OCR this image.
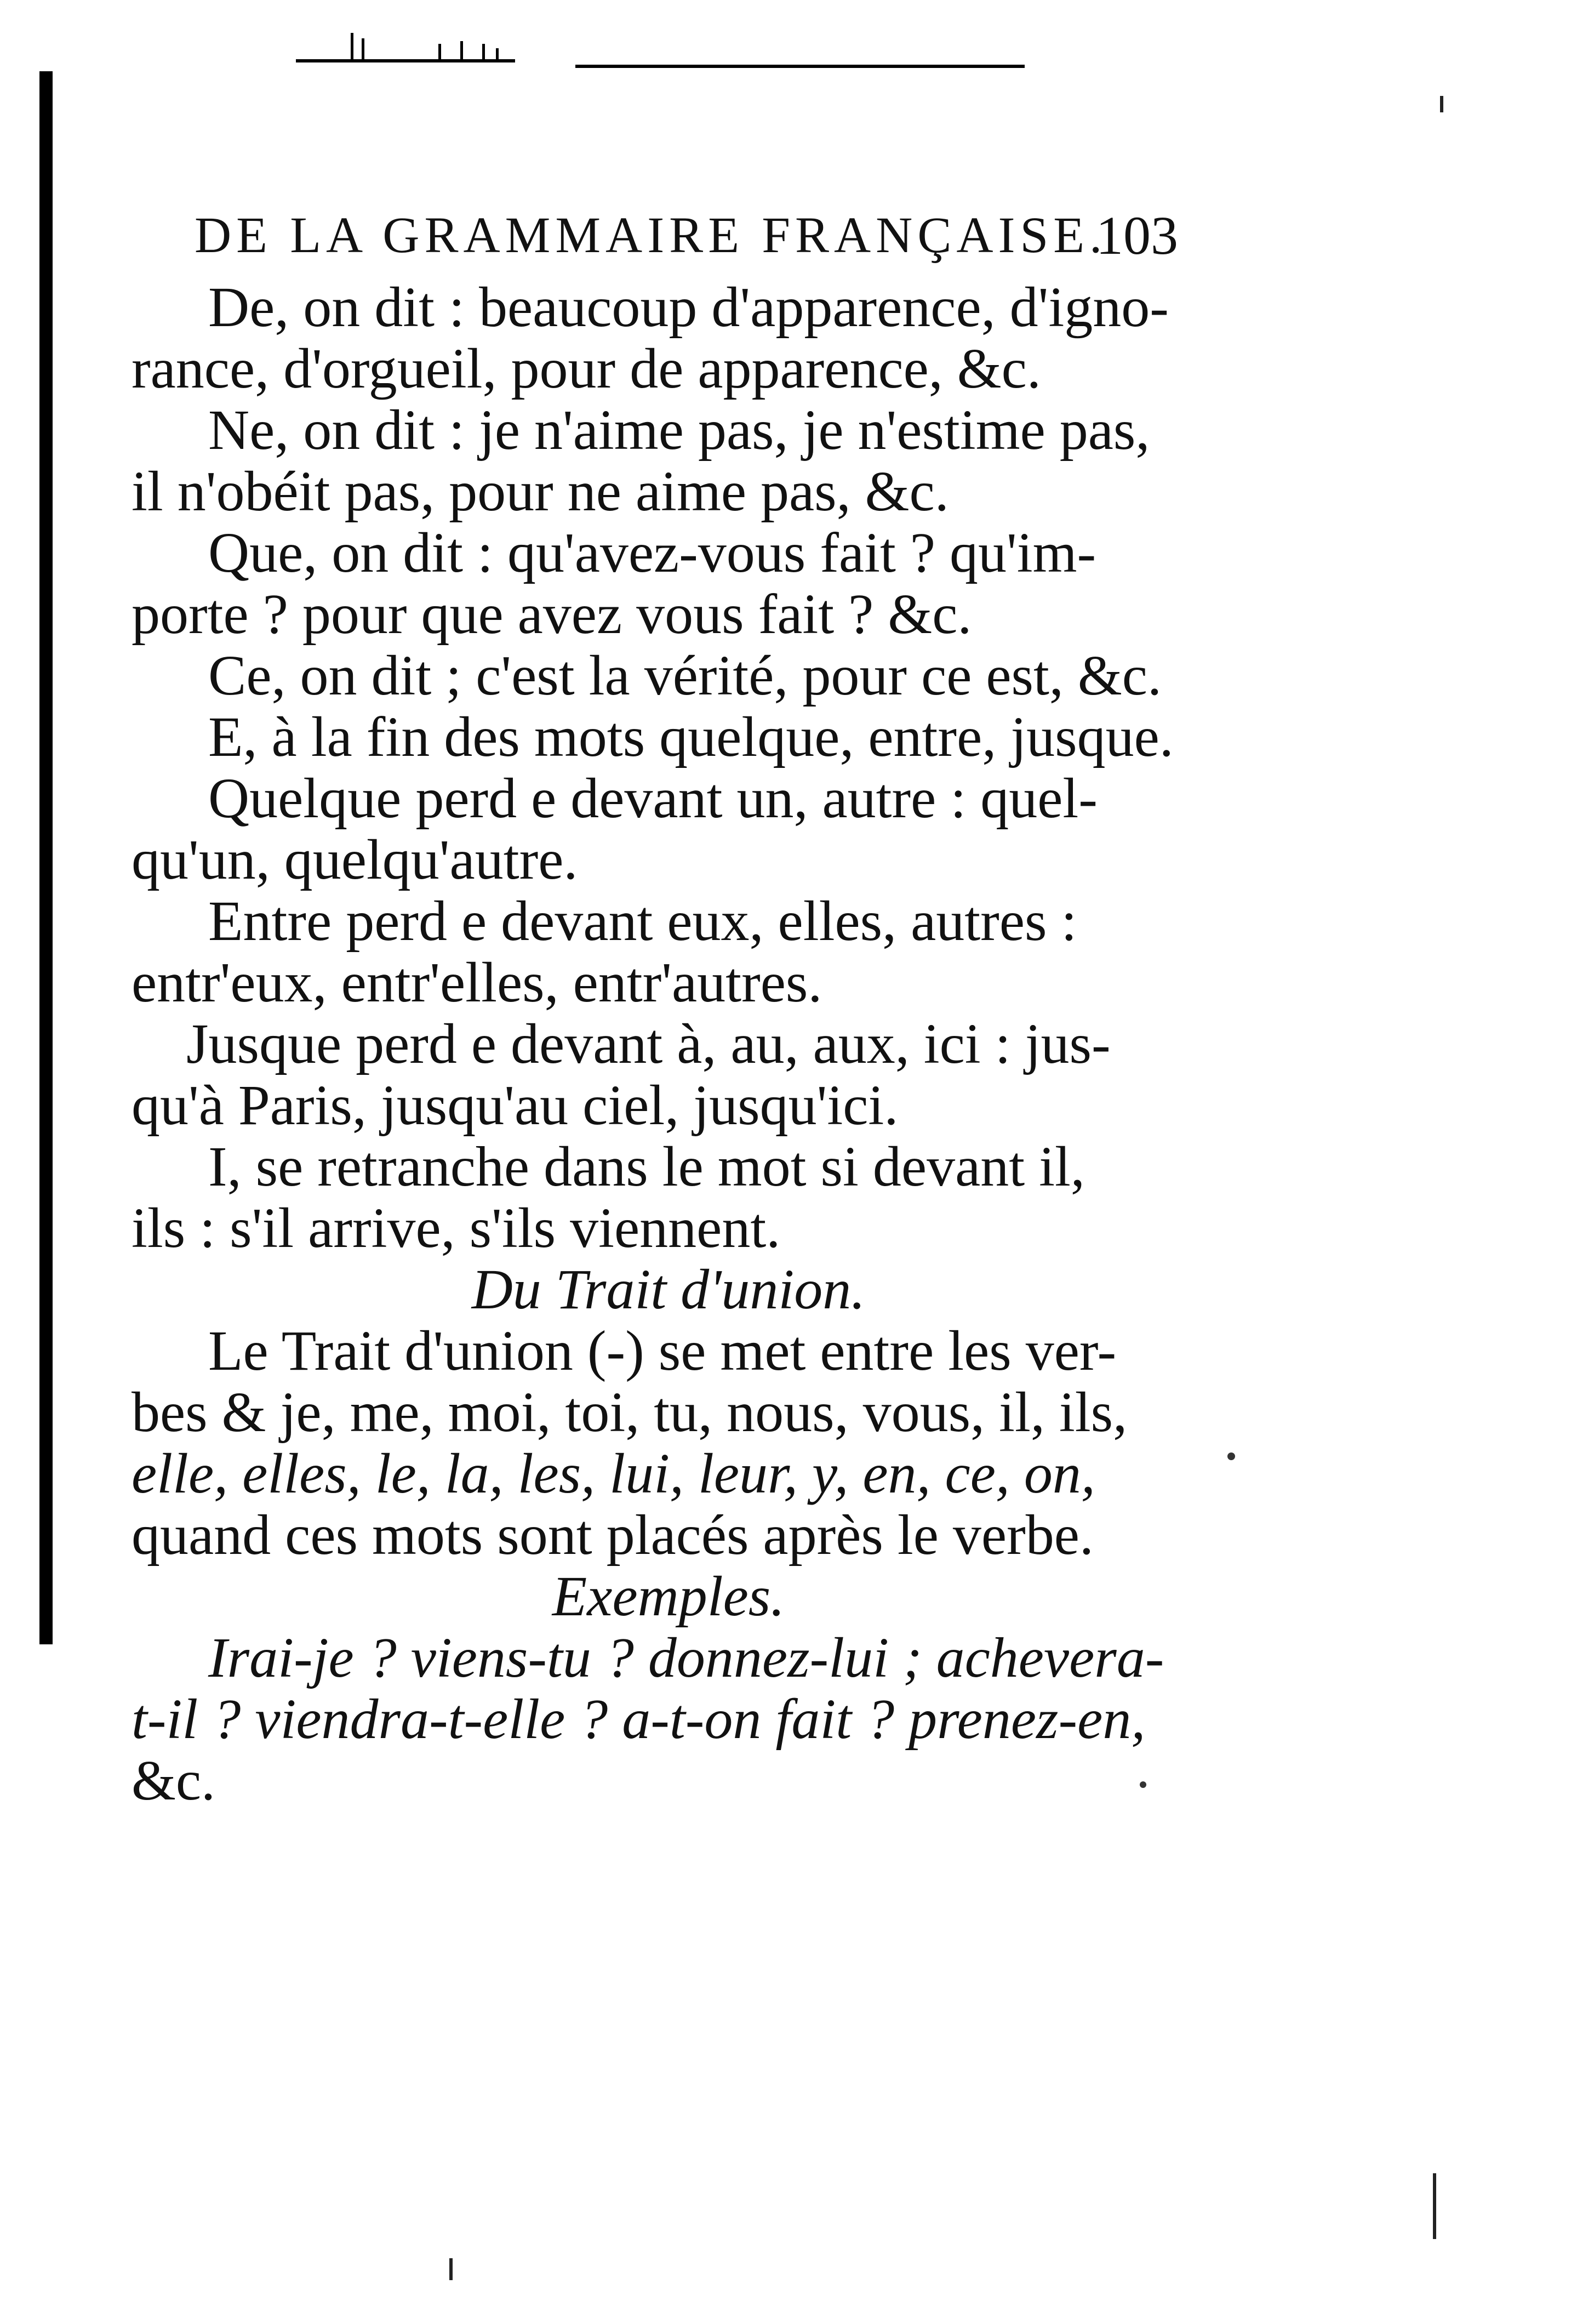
DE LA GRAMMAIRE FRANÇAISE.
103

De, on dit : beaucoup d'apparence, d'igno-

rance, d'orgueil, pour de apparence, &c.

Ne, on dit : je n'aime pas, je n'estime pas,

il n'obéit pas, pour ne aime pas, &c.

Que, on dit : qu'avez-vous fait ? qu'im-

porte ? pour que avez vous fait ? &c.

Ce, on dit ; c'est la vérité, pour ce est, &c.

E, à la fin des mots quelque, entre, jusque.

Quelque perd e devant un, autre : quel-

qu'un, quelqu'autre.

Entre perd e devant eux, elles, autres :

entr'eux, entr'elles, entr'autres.

Jusque perd e devant à, au, aux, ici : jus-

qu'à Paris, jusqu'au ciel, jusqu'ici.

I, se retranche dans le mot si devant il,

ils : s'il arrive, s'ils viennent.

Du Trait d'union.

Le Trait d'union (-) se met entre les ver-

bes & je, me, moi, toi, tu, nous, vous, il, ils,

elle, elles, le, la, les, lui, leur, y, en, ce, on,

quand ces mots sont placés après le verbe.

Exemples.

Irai-je ? viens-tu ? donnez-lui ; achevera-

t-il ? viendra-t-elle ? a-t-on fait ? prenez-en,

&c.
